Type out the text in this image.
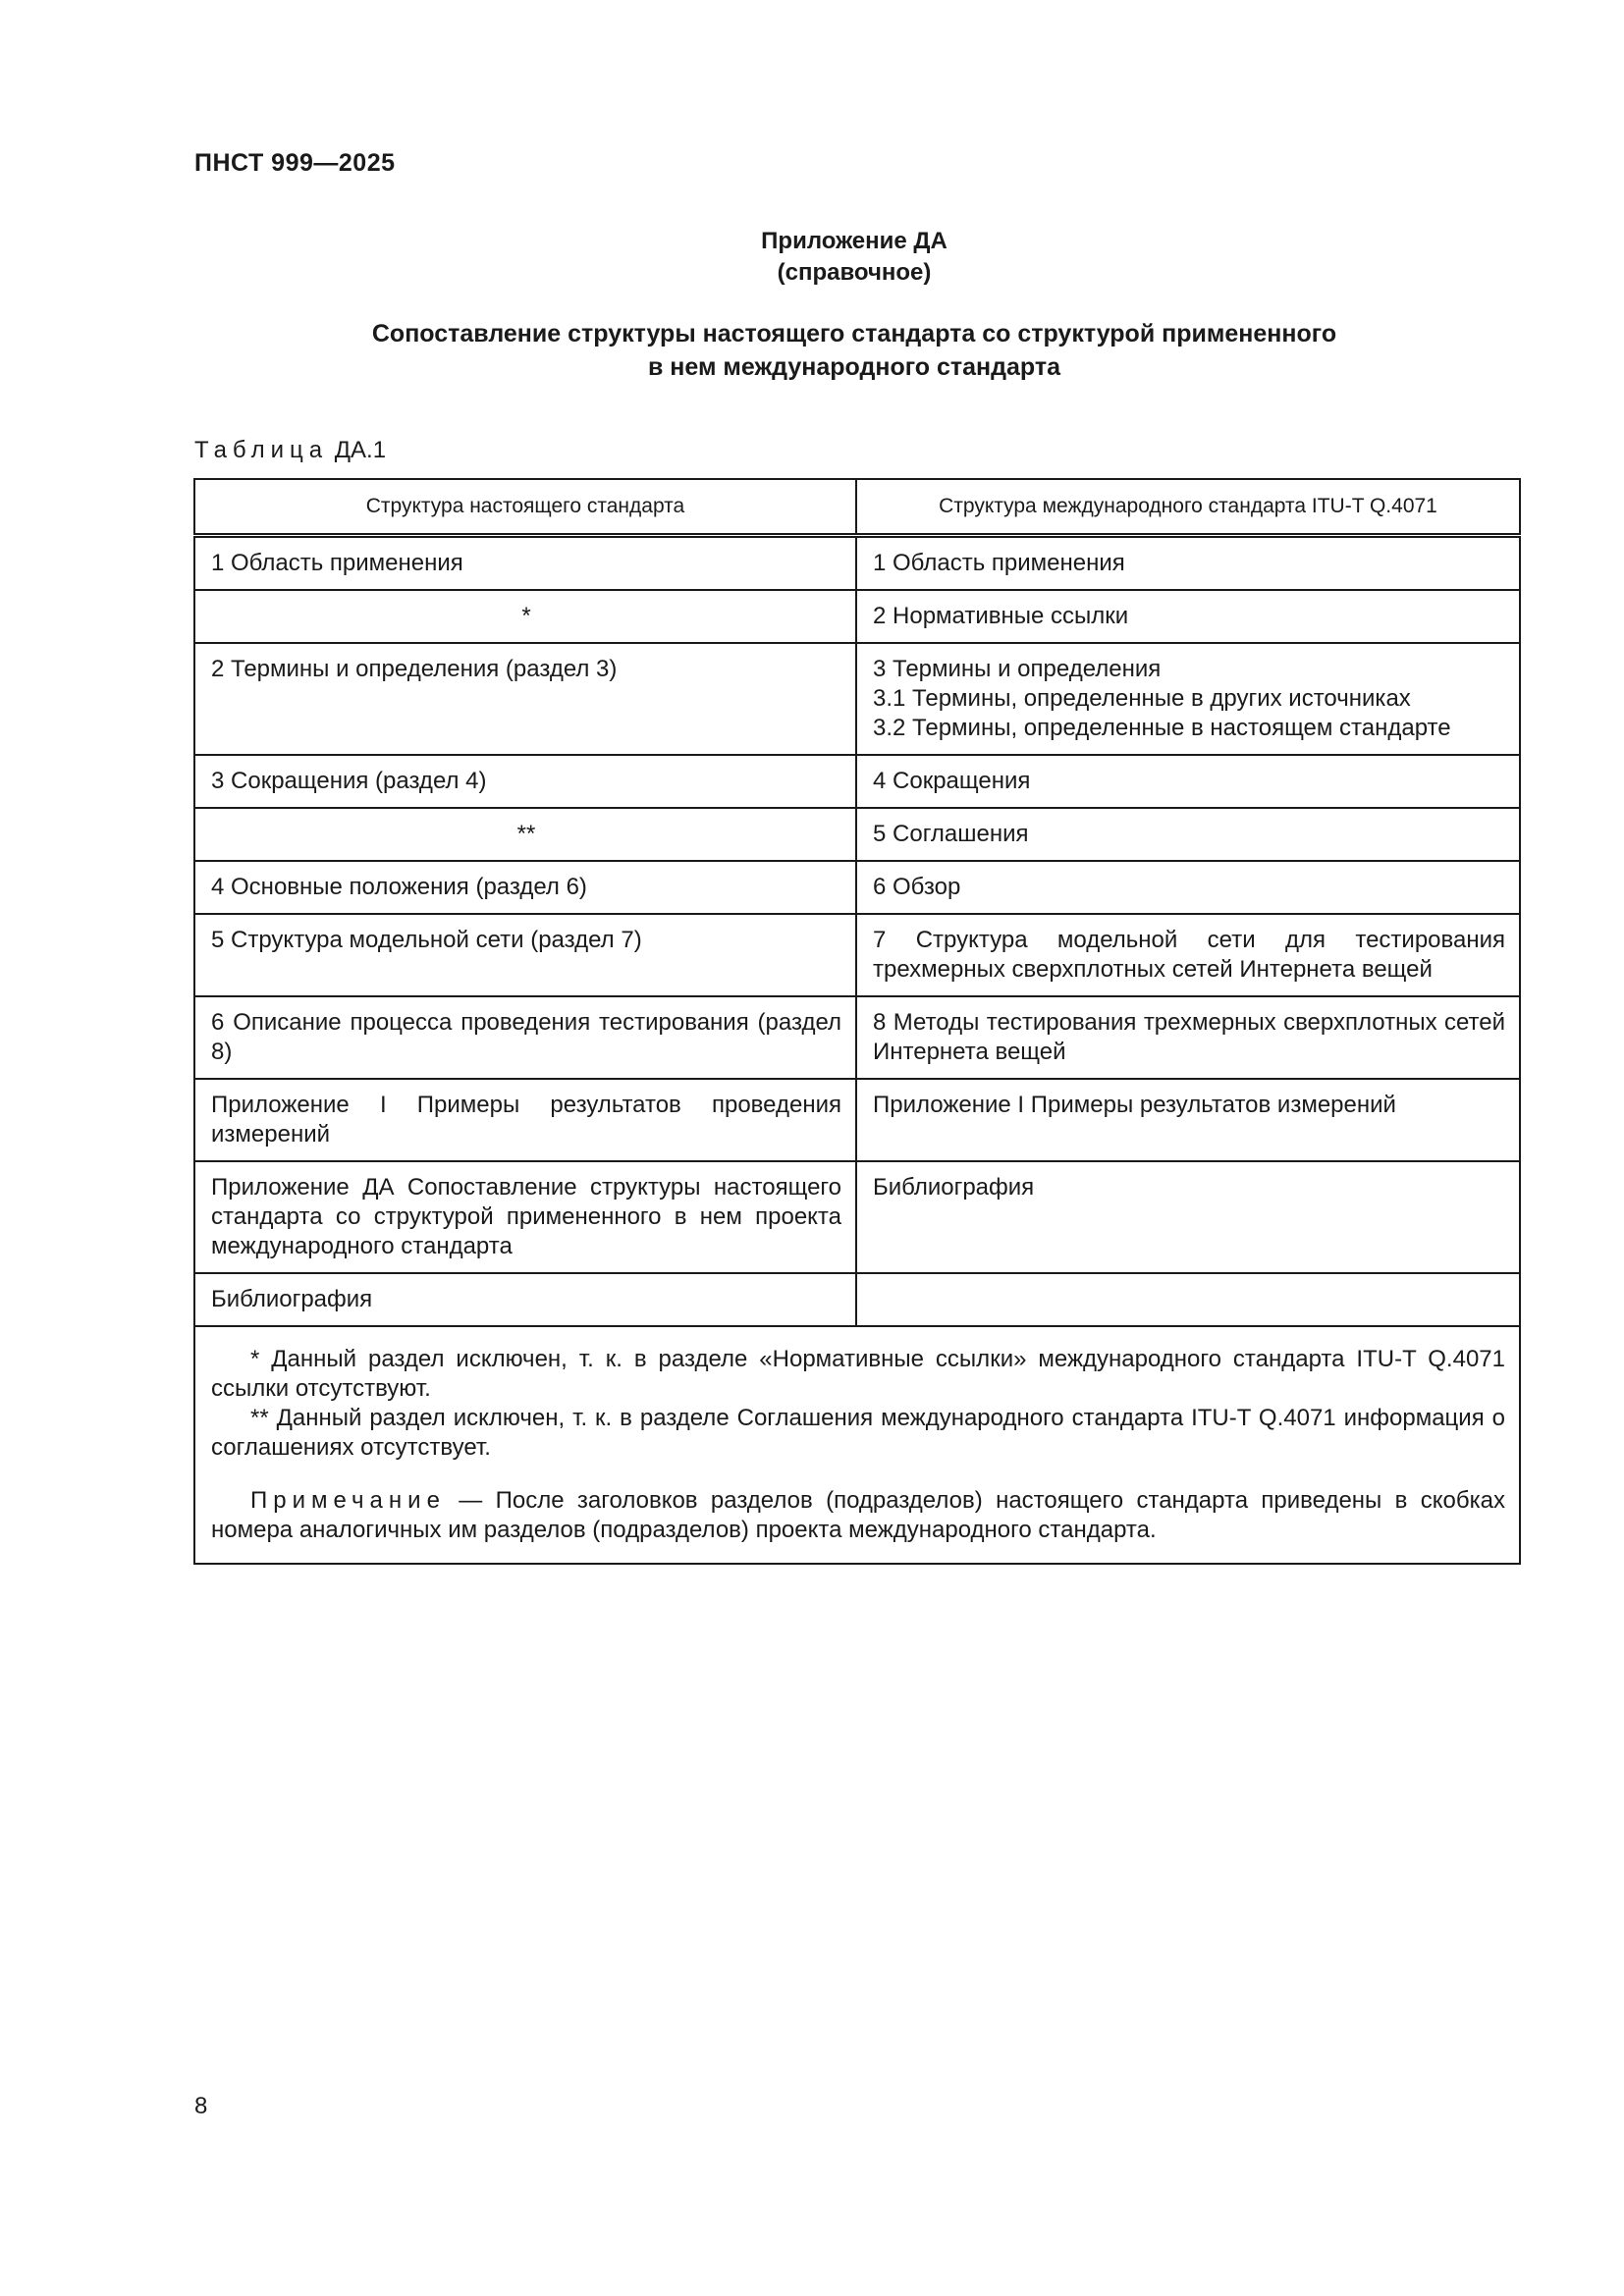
ПНСТ 999—2025
Приложение ДА
(справочное)
Сопоставление структуры настоящего стандарта со структурой примененного
в нем международного стандарта
Таблица ДА.1
Структура настоящего стандарта	Структура международного стандарта ITU-T Q.4071
1 Область применения	1 Область применения

*	2 Нормативные ссылки

2 Термины и определения (раздел 3)	3 Термины и определения
3.1 Термины, определенные в других источниках
3.2 Термины, определенные в настоящем стандарте

3 Сокращения (раздел 4)	4 Сокращения

**	5 Соглашения

4 Основные положения (раздел 6)	6 Обзор

5 Структура модельной сети (раздел 7)	7 Структура модельной сети для тестирования трехмерных сверхплотных сетей Интернета вещей

6 Описание процесса проведения тестирования (раздел 8)	8 Методы тестирования трехмерных сверхплотных сетей Интернета вещей

Приложение I Примеры результатов проведения измерений	Приложение I Примеры результатов измерений

Приложение ДА Сопоставление структуры настоящего стандарта со структурой примененного в нем проекта международного стандарта	Библиография

Библиография	

* Данный раздел исключен, т. к. в разделе «Нормативные ссылки» международного стандарта ITU-T Q.4071 ссылки отсутствуют.

** Данный раздел исключен, т. к. в разделе Соглашения международного стандарта ITU-T Q.4071 информация о соглашениях отсутствует.

Примечание — После заголовков разделов (подразделов) настоящего стандарта приведены в скобках номера аналогичных им разделов (подразделов) проекта международного стандарта.	

8
